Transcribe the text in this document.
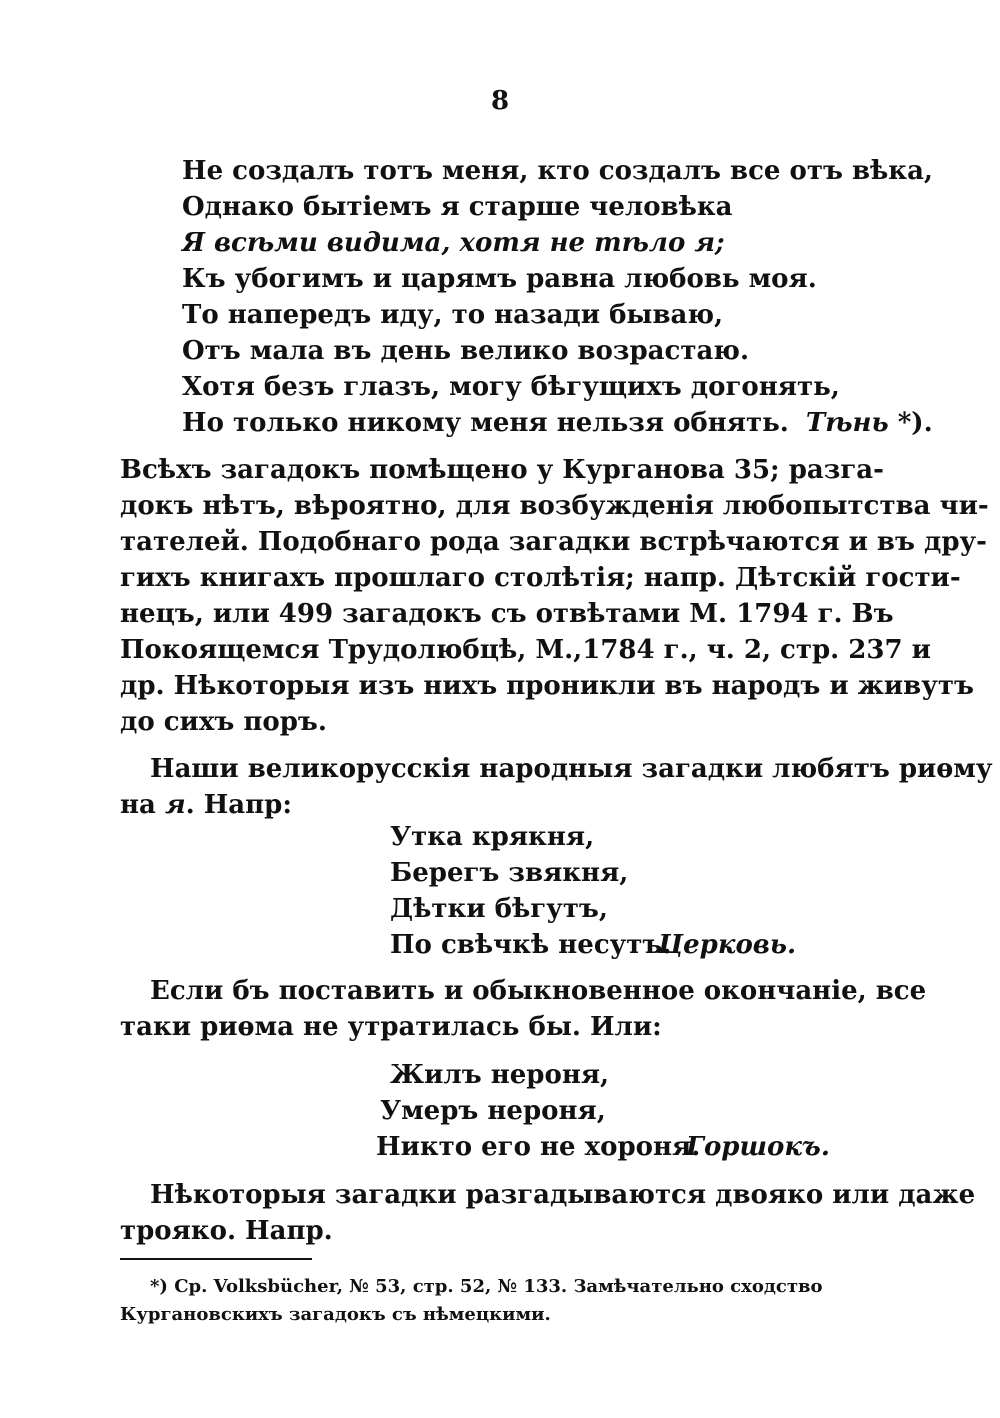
8
Не создалъ тотъ меня, кто создалъ все отъ вѣка,
Однако бытiемъ я старше человѣка
Я всѣми видима, хотя не тѣло я;
Къ убогимъ и царямъ равна любовь моя.
То напередъ иду, то назади бываю,
Отъ мала въ день велико возрастаю.
Хотя безъ глазъ, могу бѣгущихъ догонять,
Но только никому меня нельзя обнять. Тѣнь *).
Всѣхъ загадокъ помѣщено у Курганова 35; разга-
докъ нѣтъ, вѣроятно, для возбужденiя любопытства чи-
тателей. Подобнаго рода загадки встрѣчаются и въ дру-
гихъ книгахъ прошлаго столѣтiя; напр. Дѣтскiй гости-
нецъ, или 499 загадокъ съ отвѣтами М. 1794 г. Въ
Покоящемся Трудолюбцѣ, М.,1784 г., ч. 2, стр. 237 и
др. Нѣкоторыя изъ нихъ проникли въ народъ и живутъ
до сихъ поръ.
Наши великорусскiя народныя загадки любятъ риѳму
на я. Напр:
Утка крякня,
Берегъ звякня,
Дѣтки бѣгутъ,
По свѣчкѣ несутъ.
Церковь.
Если бъ поставить и обыкновенное окончанiе, все
таки риѳма не утратилась бы. Или:
Жилъ нероня,
Умеръ нероня,
Никто его не хороня.
Горшокъ.
Нѣкоторыя загадки разгадываются двояко или даже
трояко. Напр.
*) Ср. Volksbücher, № 53, стр. 52, № 133. Замѣчательно сходство
Кургановскихъ загадокъ съ нѣмецкими.
